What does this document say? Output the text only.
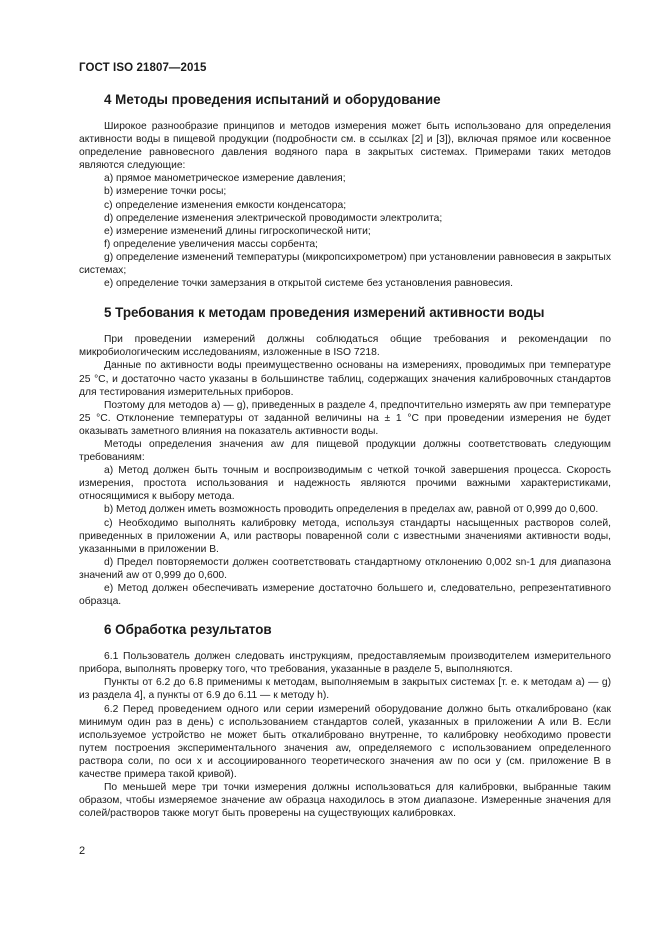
ГОСТ ISO 21807—2015
4 Методы проведения испытаний и оборудование

Широкое разнообразие принципов и методов измерения может быть использовано для определения активности воды в пищевой продукции (подробности см. в ссылках [2] и [3]), включая прямое или косвенное определение равновесного давления водяного пара в закрытых системах. Примерами таких методов являются следующие:

a) прямое манометрическое измерение давления;

b) измерение точки росы;

c) определение изменения емкости конденсатора;

d) определение изменения электрической проводимости электролита;

e) измерение изменений длины гигроскопической нити;

f) определение увеличения массы сорбента;

g) определение изменений температуры (микропсихрометром) при установлении равновесия в закрытых системах;

e) определение точки замерзания в открытой системе без установления равновесия.

5 Требования к методам проведения измерений активности воды

При проведении измерений должны соблюдаться общие требования и рекомендации по микробиологическим исследованиям, изложенные в ISO 7218.

Данные по активности воды преимущественно основаны на измерениях, проводимых при температуре 25 °С, и достаточно часто указаны в большинстве таблиц, содержащих значения калибровочных стандартов для тестирования измерительных приборов.

Поэтому для методов а) — g), приведенных в разделе 4, предпочтительно измерять aw при температуре 25 °С. Отклонение температуры от заданной величины на ± 1 °С при проведении измерения не будет оказывать заметного влияния на показатель активности воды.

Методы определения значения aw для пищевой продукции должны соответствовать следующим требованиям:

а) Метод должен быть точным и воспроизводимым с четкой точкой завершения процесса. Скорость измерения, простота использования и надежность являются прочими важными характеристиками, относящимися к выбору метода.

b) Метод должен иметь возможность проводить определения в пределах aw, равной от 0,999 до 0,600.

с) Необходимо выполнять калибровку метода, используя стандарты насыщенных растворов солей, приведенных в приложении А, или растворы поваренной соли с известными значениями активности воды, указанными в приложении В.

d) Предел повторяемости должен соответствовать стандартному отклонению 0,002 sn-1 для диапазона значений aw от 0,999 до 0,600.

е) Метод должен обеспечивать измерение достаточно большего и, следовательно, репрезентативного образца.

6 Обработка результатов

6.1 Пользователь должен следовать инструкциям, предоставляемым производителем измерительного прибора, выполнять проверку того, что требования, указанные в разделе 5, выполняются.

Пункты от 6.2 до 6.8 применимы к методам, выполняемым в закрытых системах [т. е. к методам а) — g) из раздела 4], а пункты от 6.9 до 6.11 — к методу h).

6.2 Перед проведением одного или серии измерений оборудование должно быть откалибровано (как минимум один раз в день) с использованием стандартов солей, указанных в приложении А или В. Если используемое устройство не может быть откалибровано внутренне, то калибровку необходимо провести путем построения экспериментального значения aw, определяемого с использованием определенного раствора соли, по оси x и ассоциированного теоретического значения aw по оси у (см. приложение В в качестве примера такой кривой).

По меньшей мере три точки измерения должны использоваться для калибровки, выбранные таким образом, чтобы измеряемое значение aw образца находилось в этом диапазоне. Измеренные значения для солей/растворов также могут быть проверены на существующих калибровках.

2
